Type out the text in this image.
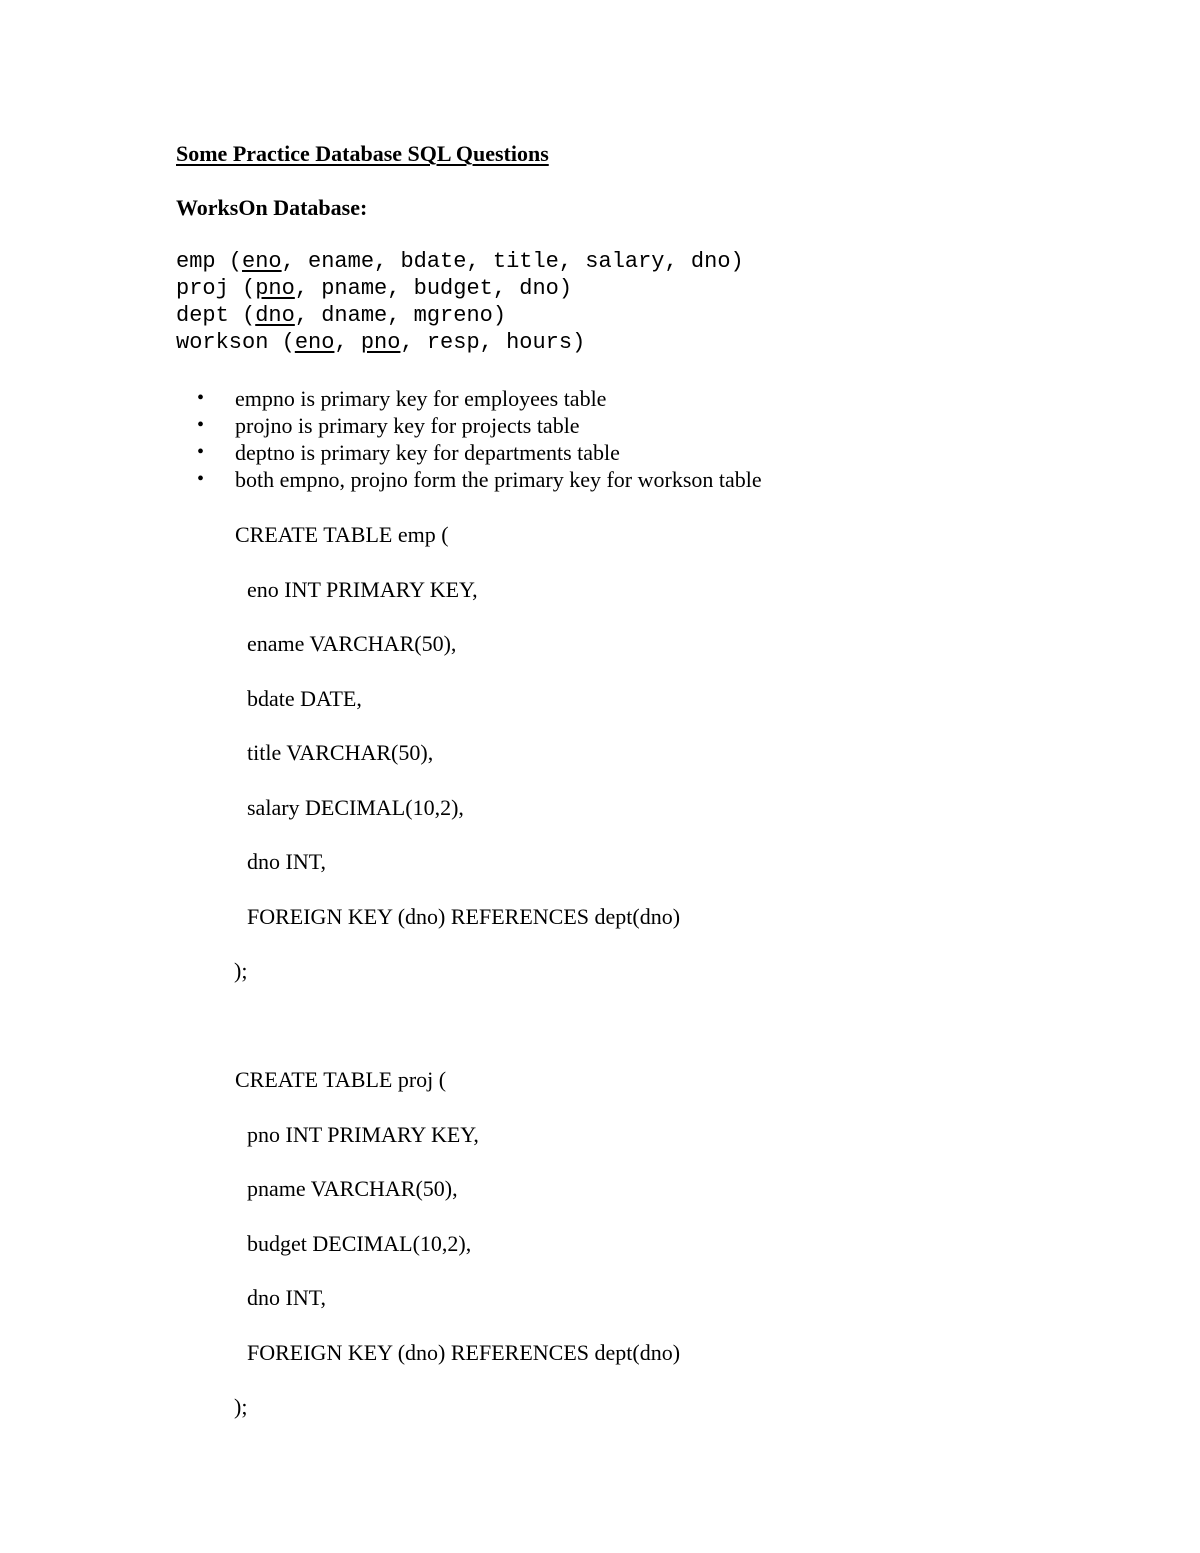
Some Practice Database SQL Questions
WorksOn Database:
emp (eno, ename, bdate, title, salary, dno)
proj (pno, pname, budget, dno)
dept (dno, dname, mgreno)
workson (eno, pno, resp, hours)
• empno is primary key for employees table
• projno is primary key for projects table
• deptno is primary key for departments table
• both empno, projno form the primary key for workson table
CREATE TABLE emp (
eno INT PRIMARY KEY,
ename VARCHAR(50),
bdate DATE,
title VARCHAR(50),
salary DECIMAL(10,2),
dno INT,
FOREIGN KEY (dno) REFERENCES dept(dno)
);
CREATE TABLE proj (
pno INT PRIMARY KEY,
pname VARCHAR(50),
budget DECIMAL(10,2),
dno INT,
FOREIGN KEY (dno) REFERENCES dept(dno)
);
